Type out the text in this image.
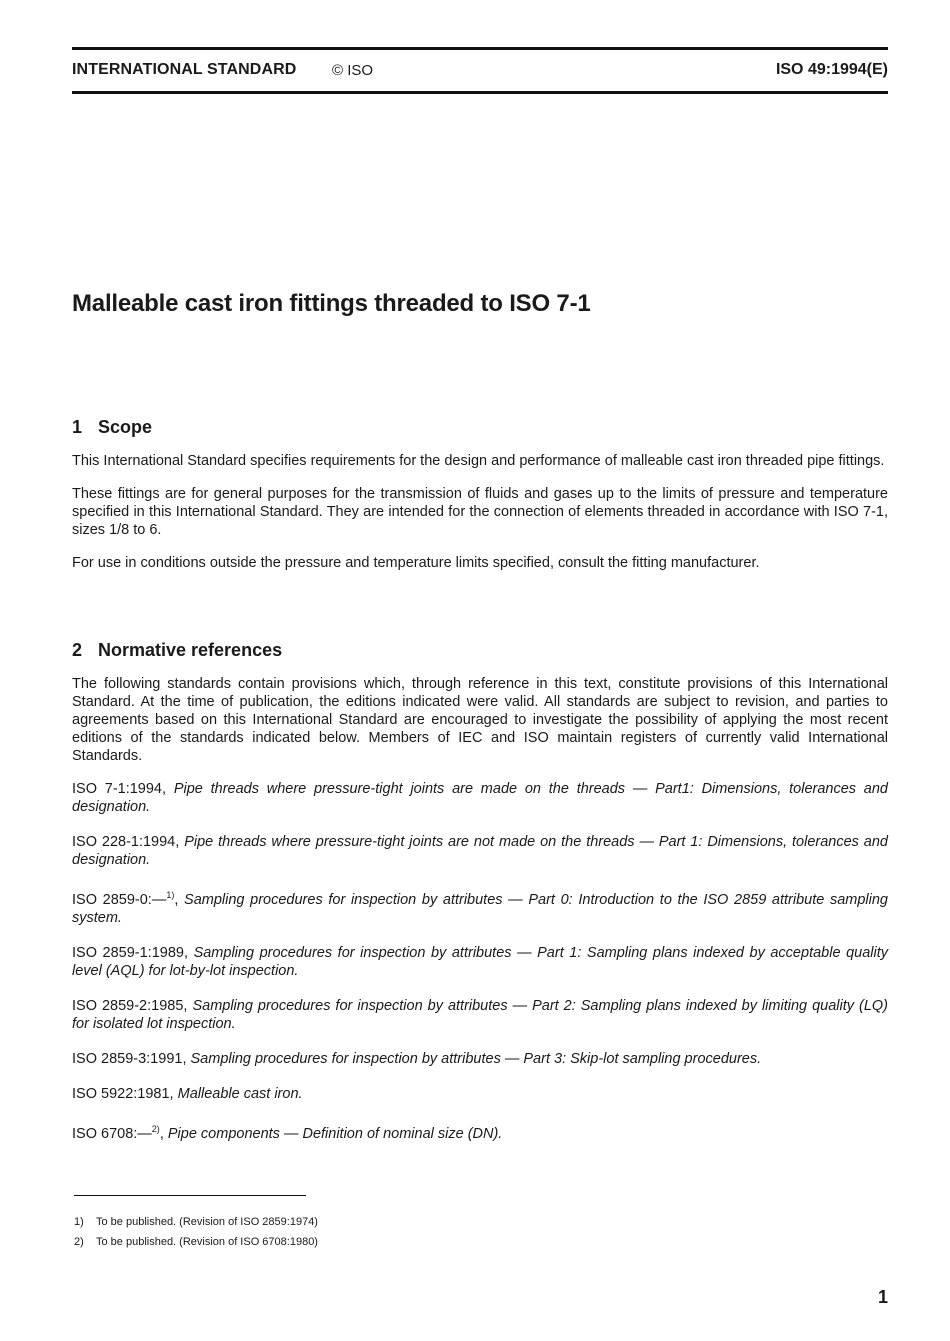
INTERNATIONAL STANDARD © ISO	ISO 49:1994(E)
Malleable cast iron fittings threaded to ISO 7-1
1 Scope

This International Standard specifies requirements for the design and performance of malleable cast iron threaded pipe fittings.

These fittings are for general purposes for the transmission of fluids and gases up to the limits of pressure and temperature specified in this International Standard. They are intended for the connection of elements threaded in accordance with ISO 7-1, sizes 1/8 to 6.

For use in conditions outside the pressure and temperature limits specified, consult the fitting manufacturer.

2 Normative references

The following standards contain provisions which, through reference in this text, constitute provisions of this International Standard. At the time of publication, the editions indicated were valid. All standards are subject to revision, and parties to agreements based on this International Standard are encouraged to investigate the possibility of applying the most recent editions of the standards indicated below. Members of IEC and ISO maintain registers of currently valid International Standards.

ISO 7-1:1994, Pipe threads where pressure-tight joints are made on the threads — Part1: Dimensions, tolerances and designation.

ISO 228-1:1994, Pipe threads where pressure-tight joints are not made on the threads — Part 1: Dimensions, tolerances and designation.

ISO 2859-0:—$^{1)}$, Sampling procedures for inspection by attributes — Part 0: Introduction to the ISO 2859 attribute sampling system.

ISO 2859-1:1989, Sampling procedures for inspection by attributes — Part 1: Sampling plans indexed by acceptable quality level (AQL) for lot-by-lot inspection.

ISO 2859-2:1985, Sampling procedures for inspection by attributes — Part 2: Sampling plans indexed by limiting quality (LQ) for isolated lot inspection.

ISO 2859-3:1991, Sampling procedures for inspection by attributes — Part 3: Skip-lot sampling procedures.

ISO 5922:1981, Malleable cast iron.

ISO 6708:—$^{2)}$, Pipe components — Definition of nominal size (DN).

1) To be published. (Revision of ISO 2859:1974)
2) To be published. (Revision of ISO 6708:1980)
1
